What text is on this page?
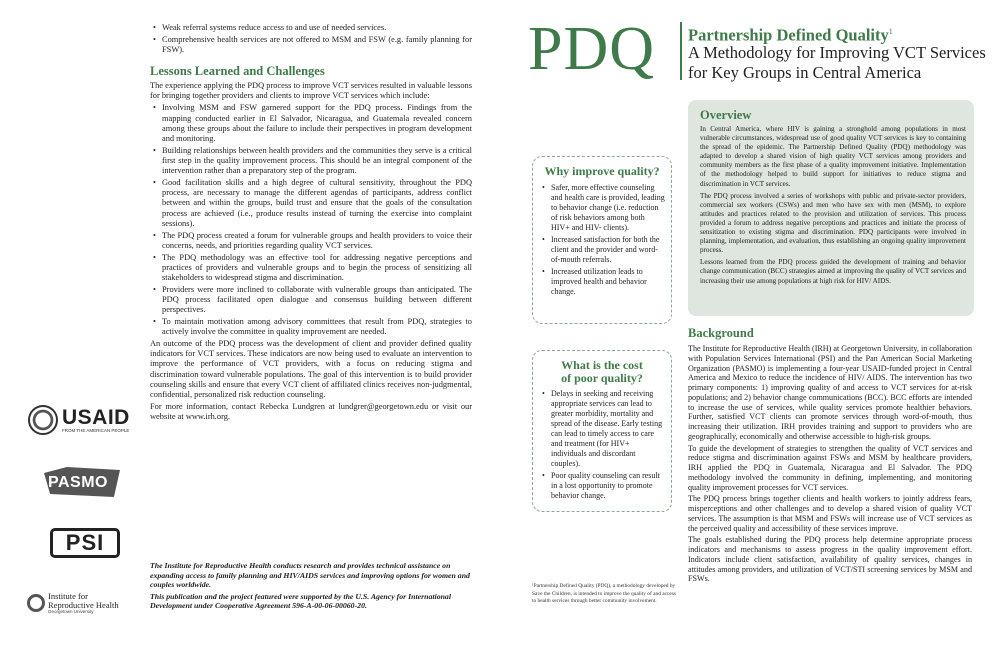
• Weak referral systems reduce access to and use of needed services.
• Comprehensive health services are not offered to MSM and FSW (e.g. family planning for FSW).
Lessons Learned and Challenges

The experience applying the PDQ process to improve VCT services resulted in valuable lessons for bringing together providers and clients to improve VCT services which include:

• Involving MSM and FSW garnered support for the PDQ process. Findings from the mapping conducted earlier in El Salvador, Nicaragua, and Guatemala revealed concern among these groups about the failure to include their perspectives in program development and monitoring.
• Building relationships between health providers and the communities they serve is a critical first step in the quality improvement process. This should be an integral component of the intervention rather than a preparatory step of the program.
• Good facilitation skills and a high degree of cultural sensitivity, throughout the PDQ process, are necessary to manage the different agendas of participants, address conflict between and within the groups, build trust and ensure that the goals of the consultation process are achieved (i.e., produce results instead of turning the exercise into complaint sessions).
• The PDQ process created a forum for vulnerable groups and health providers to voice their concerns, needs, and priorities regarding quality VCT services.
• The PDQ methodology was an effective tool for addressing negative perceptions and practices of providers and vulnerable groups and to begin the process of sensitizing all stakeholders to widespread stigma and discrimination.
• Providers were more inclined to collaborate with vulnerable groups than anticipated. The PDQ process facilitated open dialogue and consensus building between different perspectives.
• To maintain motivation among advisory committees that result from PDQ, strategies to actively involve the committee in quality improvement are needed.

An outcome of the PDQ process was the development of client and provider defined quality indicators for VCT services. These indicators are now being used to evaluate an intervention to improve the performance of VCT providers, with a focus on reducing stigma and discrimination toward vulnerable populations. The goal of this intervention is to build provider counseling skills and ensure that every VCT client of affiliated clinics receives non-judgmental, confidential, personalized risk reduction counseling.

For more information, contact Rebecka Lundgren at lundgrer@georgetown.edu or visit our website at www.irh.org.

USAID
FROM THE AMERICAN PEOPLE
PASMO
PSI
Institute for
Reproductive Health
Georgetown University

The Institute for Reproductive Health conducts research and provides technical assistance on expanding access to family planning and HIV/AIDS services and improving options for women and couples worldwide.

This publication and the project featured were supported by the U.S. Agency for International Development under Cooperative Agreement 596-A-00-06-00060-20.

PDQ Partnership Defined Quality$^1$
A Methodology for Improving VCT Services
for Key Groups in Central America
Why improve quality?
• Safer, more effective counseling and health care is provided, leading to behavior change (i.e. reduction of risk behaviors among both HIV+ and HIV- clients).
• Increased satisfaction for both the client and the provider and word-of-mouth referrals.
• Increased utilization leads to improved health and behavior change.
What is the cost
of poor quality?
• Delays in seeking and receiving appropriate services can lead to greater morbidity, mortality and spread of the disease. Early testing can lead to timely access to care and treatment (for HIV+ individuals and discordant couples).
• Poor quality counseling can result in a lost opportunity to promote behavior change.
¹Partnership Defined Quality (PDQ), a methodology developed by Save the Children, is intended to improve the quality of and access to health services through better community involvement.
Overview

In Central America, where HIV is gaining a stronghold among populations in most vulnerable circumstances, widespread use of good quality VCT services is key to containing the spread of the epidemic. The Partnership Defined Quality (PDQ) methodology was adapted to develop a shared vision of high quality VCT services among providers and community members as the first phase of a quality improvement initiative. Implementation of the methodology helped to build support for initiatives to reduce stigma and discrimination in VCT services.

The PDQ process involved a series of workshops with public and private-sector providers, commercial sex workers (CSWs) and men who have sex with men (MSM), to explore attitudes and practices related to the provision and utilization of services. This process provided a forum to address negative perceptions and practices and initiate the process of sensitization to existing stigma and discrimination. PDQ participants were involved in planning, implementation, and evaluation, thus establishing an ongoing quality improvement process.

Lessons learned from the PDQ process guided the development of training and behavior change communication (BCC) strategies aimed at improving the quality of VCT services and increasing their use among populations at high risk for HIV/ AIDS.

Background

The Institute for Reproductive Health (IRH) at Georgetown University, in collaboration with Population Services International (PSI) and the Pan American Social Marketing Organization (PASMO) is implementing a four-year USAID-funded project in Central America and Mexico to reduce the incidence of HIV/ AIDS. The intervention has two primary components: 1) improving quality of and access to VCT services for at-risk populations; and 2) behavior change communications (BCC). BCC efforts are intended to increase the use of services, while quality services promote healthier behaviors. Further, satisfied VCT clients can promote services through word-of-mouth, thus increasing their utilization. IRH provides training and support to providers who are geographically, economically and otherwise accessible to high-risk groups.

To guide the development of strategies to strengthen the quality of VCT services and reduce stigma and discrimination against FSWs and MSM by healthcare providers, IRH applied the PDQ in Guatemala, Nicaragua and El Salvador. The PDQ methodology involved the community in defining, implementing, and monitoring quality improvement processes for VCT services.

The PDQ process brings together clients and health workers to jointly address fears, misperceptions and other challenges and to develop a shared vision of quality VCT services. The assumption is that MSM and FSWs will increase use of VCT services as the perceived quality and accessibility of these services improve.

The goals established during the PDQ process help determine appropriate process indicators and mechanisms to assess progress in the quality improvement effort. Indicators include client satisfaction, availability of quality services, changes in attitudes among providers, and utilization of VCT/STI screening services by MSM and FSWs.
